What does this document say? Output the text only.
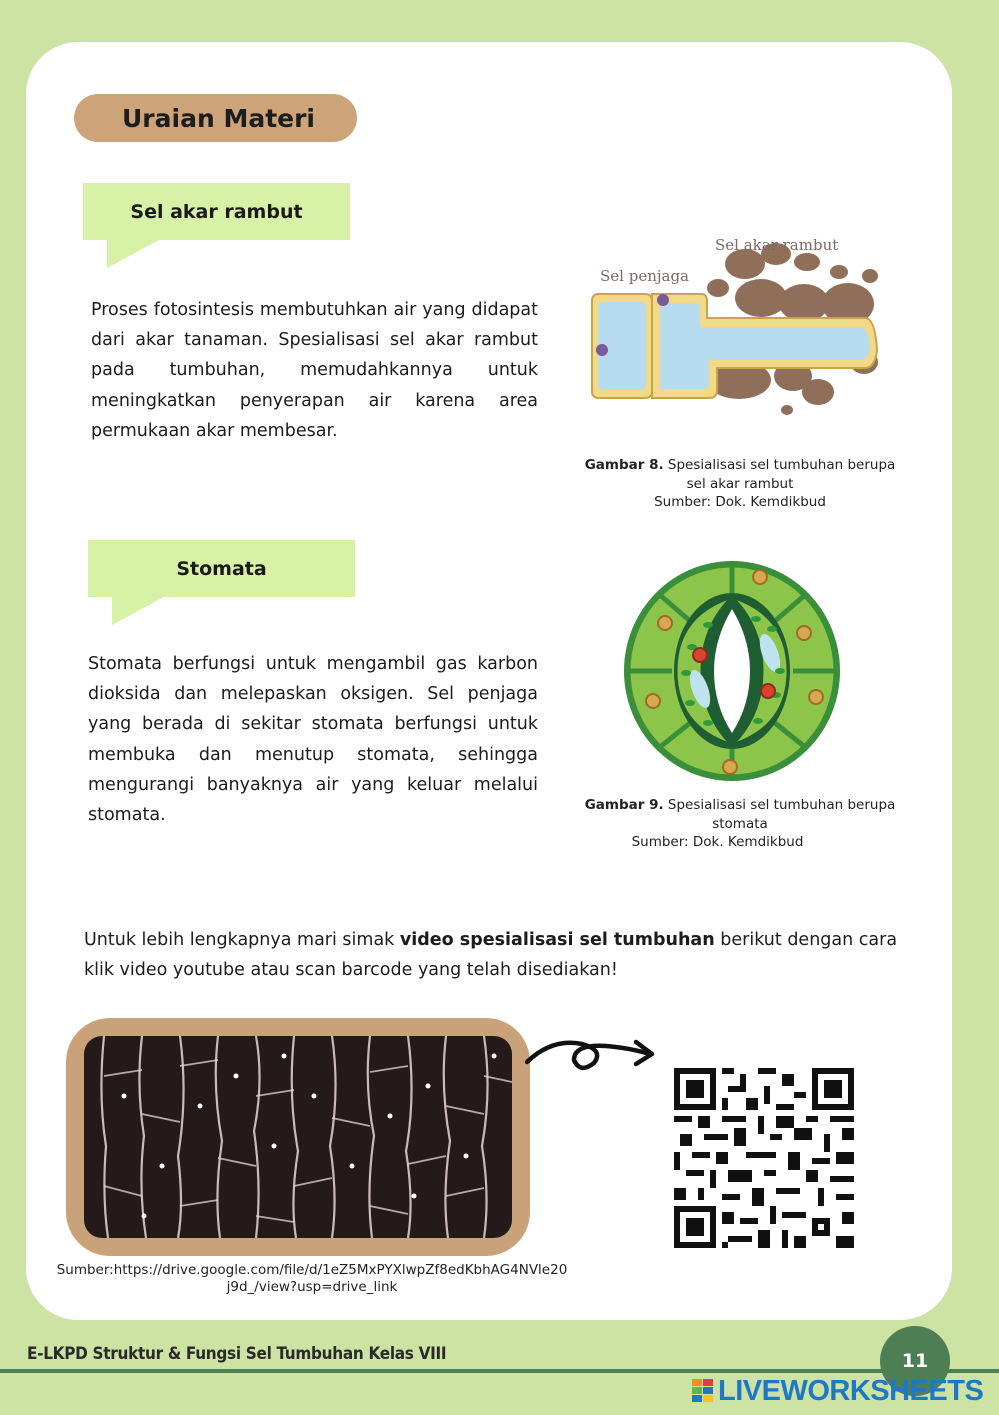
Uraian Materi
Sel akar rambut

Proses fotosintesis membutuhkan air yang didapat dari akar tanaman. Spesialisasi sel akar rambut pada tumbuhan, memudahkannya untuk meningkatkan penyerapan air karena area permukaan akar membesar.

Sel penjaga
Sel akar rambut
Gambar 8. Spesialisasi sel tumbuhan berupa
sel akar rambut
Sumber: Dok. Kemdikbud
Stomata

Stomata berfungsi untuk mengambil gas karbon dioksida dan melepaskan oksigen. Sel penjaga yang berada di sekitar stomata berfungsi untuk membuka dan menutup stomata, sehingga mengurangi banyaknya air yang keluar melalui stomata.

Gambar 9. Spesialisasi sel tumbuhan berupa
stomata
Sumber: Dok. Kemdikbud

Untuk lebih lengkapnya mari simak video spesialisasi sel tumbuhan berikut dengan cara klik video youtube atau scan barcode yang telah disediakan!

Sumber:https://drive.google.com/file/d/1eZ5MxPYXlwpZf8edKbhAG4NVle20j9d_/view?usp=drive_link
E-LKPD Struktur & Fungsi Sel Tumbuhan Kelas VIII	11
LIVEWORKSHEETS
